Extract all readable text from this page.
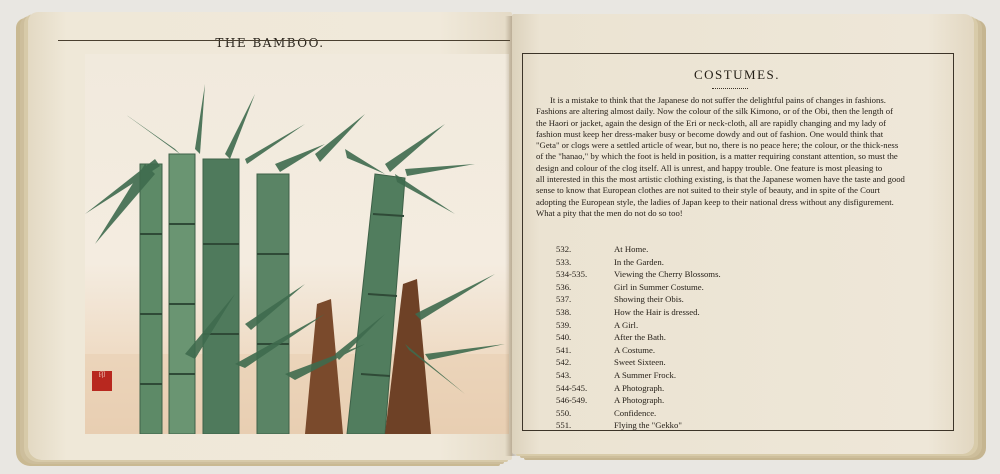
THE BAMBOO.
印
COSTUMES.
It is a mistake to think that the Japanese do not suffer the delightful pains of changes in fashions.
Fashions are altering almost daily. Now the colour of the silk Kimono, or of the Obi, then the length of
the Haori or jacket, again the design of the Eri or neck-cloth, all are rapidly changing and my lady of
fashion must keep her dress-maker busy or become dowdy and out of fashion. One would think that
"Geta" or clogs were a settled article of wear, but no, there is no peace here; the colour, or the thick-ness
of the "hanao," by which the foot is held in position, is a matter requiring constant attention, so must the
design and colour of the clog itself. All is unrest, and happy trouble. One feature is most pleasing to
all interested in this the most artistic clothing existing, is that the Japanese women have the taste and good
sense to know that European clothes are not suited to their style of beauty, and in spite of the Court
adopting the European style, the ladies of Japan keep to their national dress without any disfigurement.
What a pity that the men do not do so too!
532.	At Home.
533.	In the Garden.
534-535.	Viewing the Cherry Blossoms.
536.	Girl in Summer Costume.
537.	Showing their Obis.
538.	How the Hair is dressed.
539.	A Girl.
540.	After the Bath.
541.	A Costume.
542.	Sweet Sixteen.
543.	A Summer Frock.
544-545.	A Photograph.
546-549.	A Photograph.
550.	Confidence.
551.	Flying the "Gekko"
